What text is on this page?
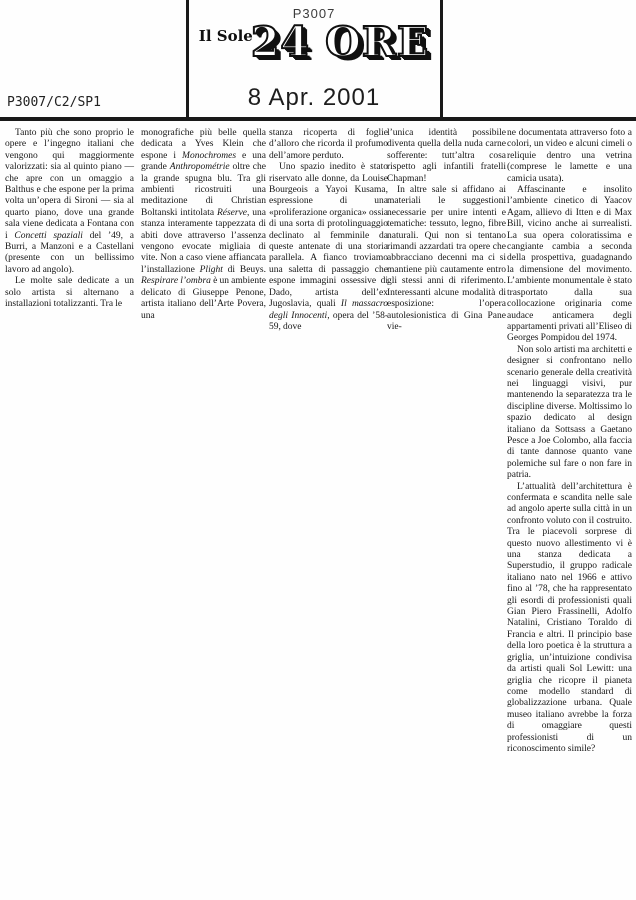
P3007
Il Sole
24 ORE
8 Apr. 2001
P3007/C2/SP1

Tanto più che sono proprio le opere e l’ingegno italiani che vengono qui maggiormente valorizzati: sia al quinto piano — che apre con un omaggio a Balthus e che espone per la prima volta un’opera di Sironi — sia al quarto piano, dove una grande sala viene dedicata a Fontana con i Concetti spaziali del ’49, a Burri, a Manzoni e a Castellani (presente con un bellissimo lavoro ad angolo).

Le molte sale dedicate a un solo artista si alternano a installazioni totalizzanti. Tra le

monografiche più belle quella dedicata a Yves Klein che espone i Monochromes e una grande Anthropométrie oltre che la grande spugna blu. Tra gli ambienti ricostruiti una meditazione di Christian Boltanski intitolata Réserve, una stanza interamente tappezzata di abiti dove attraverso l’assenza vengono evocate migliaia di vite. Non a caso viene affiancata l’installazione Plight di Beuys. Respirare l’ombra è un ambiente delicato di Giuseppe Penone, artista italiano dell’Arte Povera, una

stanza ricoperta di foglie d’alloro che ricorda il profumo dell’amore perduto.

Uno spazio inedito è stato riservato alle donne, da Louise Bourgeois a Yayoi Kusama, espressione di una «proliferazione organica» ossia di una sorta di protolinguaggio declinato al femminile da queste antenate di una storia parallela. A fianco troviamo una saletta di passaggio che espone immagini ossessive di Dado, artista dell’ex Jugoslavia, quali Il massacro degli Innocenti, opera del ’58-59, dove

l’unica identità possibile diventa quella della nuda carne sofferente: tutt’altra cosa rispetto agli infantili fratelli Chapman!

In altre sale si affidano ai materiali le suggestioni necessarie per unire intenti e tematiche: tessuto, legno, fibre naturali. Qui non si tentano rimandi azzardati tra opere che abbracciano decenni ma ci si mantiene più cautamente entro gli stessi anni di riferimento. Interessanti alcune modalità di esposizione: l’opera autolesionistica di Gina Pane vie-

ne documentata attraverso foto a colori, un video e alcuni cimeli o reliquie dentro una vetrina (comprese le lamette e una camicia usata).

Affascinante e insolito l’ambiente cinetico di Yaacov Agam, allievo di Itten e di Max Bill, vicino anche ai surrealisti. La sua opera coloratissima e cangiante cambia a seconda della prospettiva, guadagnando la dimensione del movimento. L’ambiente monumentale è stato trasportato dalla sua collocazione originaria come audace anticamera degli appartamenti privati all’Eliseo di Georges Pompidou del 1974.

Non solo artisti ma architetti e designer si confrontano nello scenario generale della creatività nei linguaggi visivi, pur mantenendo la separatezza tra le discipline diverse. Moltissimo lo spazio dedicato al design italiano da Sottsass a Gaetano Pesce a Joe Colombo, alla faccia di tante dannose quanto vane polemiche sul fare o non fare in patria.

L’attualità dell’architettura è confermata e scandita nelle sale ad angolo aperte sulla città in un confronto voluto con il costruito. Tra le piacevoli sorprese di questo nuovo allestimento vi è una stanza dedicata a Superstudio, il gruppo radicale italiano nato nel 1966 e attivo fino al ’78, che ha rappresentato gli esordi di professionisti quali Gian Piero Frassinelli, Adolfo Natalini, Cristiano Toraldo di Francia e altri. Il principio base della loro poetica è la struttura a griglia, un’intuizione condivisa da artisti quali Sol Lewitt: una griglia che ricopre il pianeta come modello standard di globalizzazione urbana. Quale museo italiano avrebbe la forza di omaggiare questi professionisti di un riconoscimento simile?
